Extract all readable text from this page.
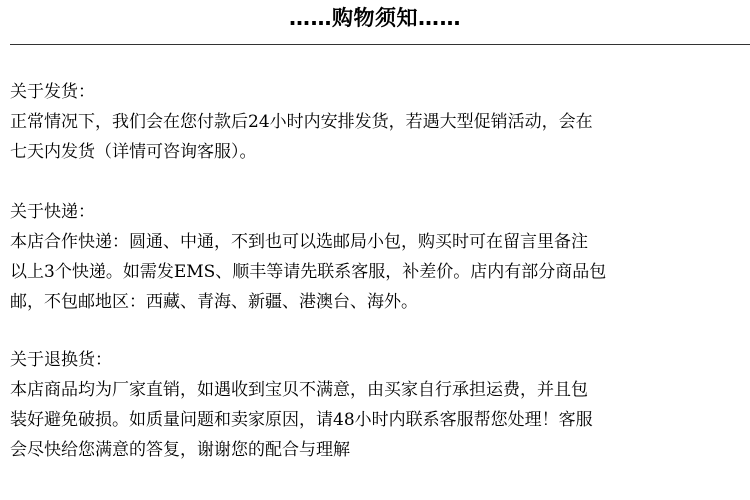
……购物须知……
关于发货：
正常情况下，我们会在您付款后24小时内安排发货，若遇大型促销活动，会在
七天内发货（详情可咨询客服）。
关于快递：
本店合作快递：圆通、中通，不到也可以选邮局小包，购买时可在留言里备注
以上3个快递。如需发EMS、顺丰等请先联系客服，补差价。店内有部分商品包
邮，不包邮地区：西藏、青海、新疆、港澳台、海外。
关于退换货：
本店商品均为厂家直销，如遇收到宝贝不满意，由买家自行承担运费，并且包
装好避免破损。如质量问题和卖家原因，请48小时内联系客服帮您处理！客服
会尽快给您满意的答复，谢谢您的配合与理解
